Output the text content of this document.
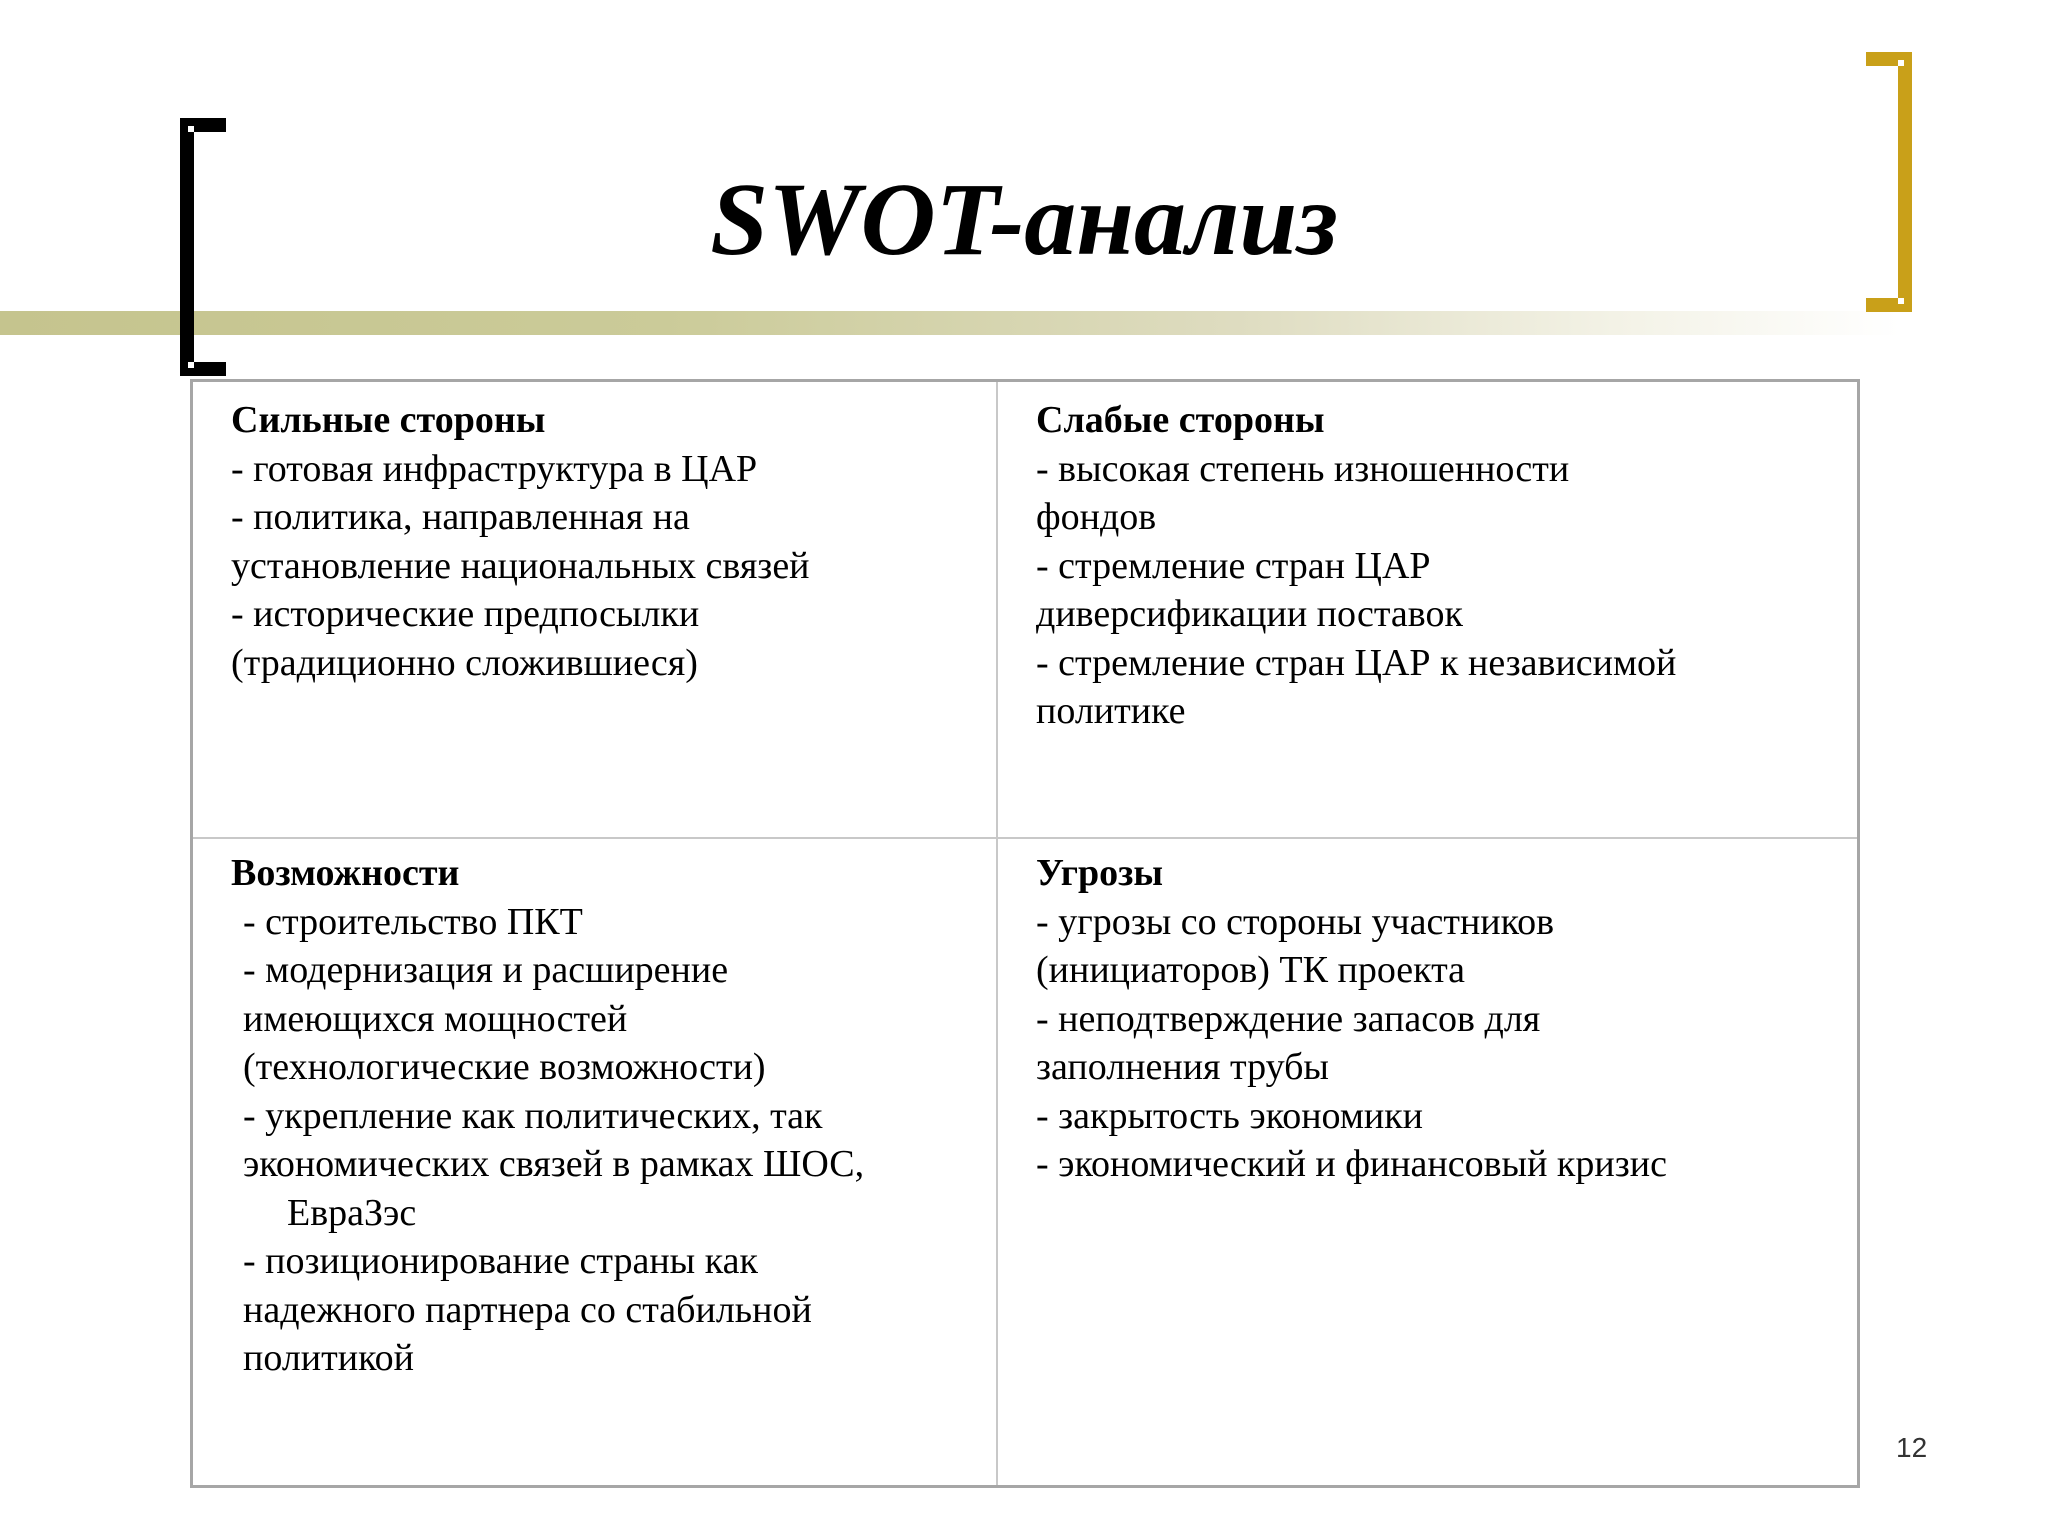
SWOT-анализ
Сильные стороны
- готовая инфраструктура в ЦАР
- политика, направленная на
установление национальных связей
- исторические предпосылки
(традиционно сложившиеся)
Слабые стороны
- высокая степень изношенности
фондов
- стремление стран ЦАР
диверсификации поставок
- стремление стран ЦАР к независимой
политике
Возможности
- строительство ПКТ
- модернизация и расширение
имеющихся мощностей
(технологические возможности)
- укрепление как политических, так
экономических связей в рамках ШОС,
ЕвраЗэс
- позиционирование страны как
надежного партнера со стабильной
политикой
Угрозы
- угрозы со стороны участников
(инициаторов) ТК проекта
- неподтверждение запасов для
заполнения трубы
- закрытость экономики
- экономический и финансовый кризис
12
